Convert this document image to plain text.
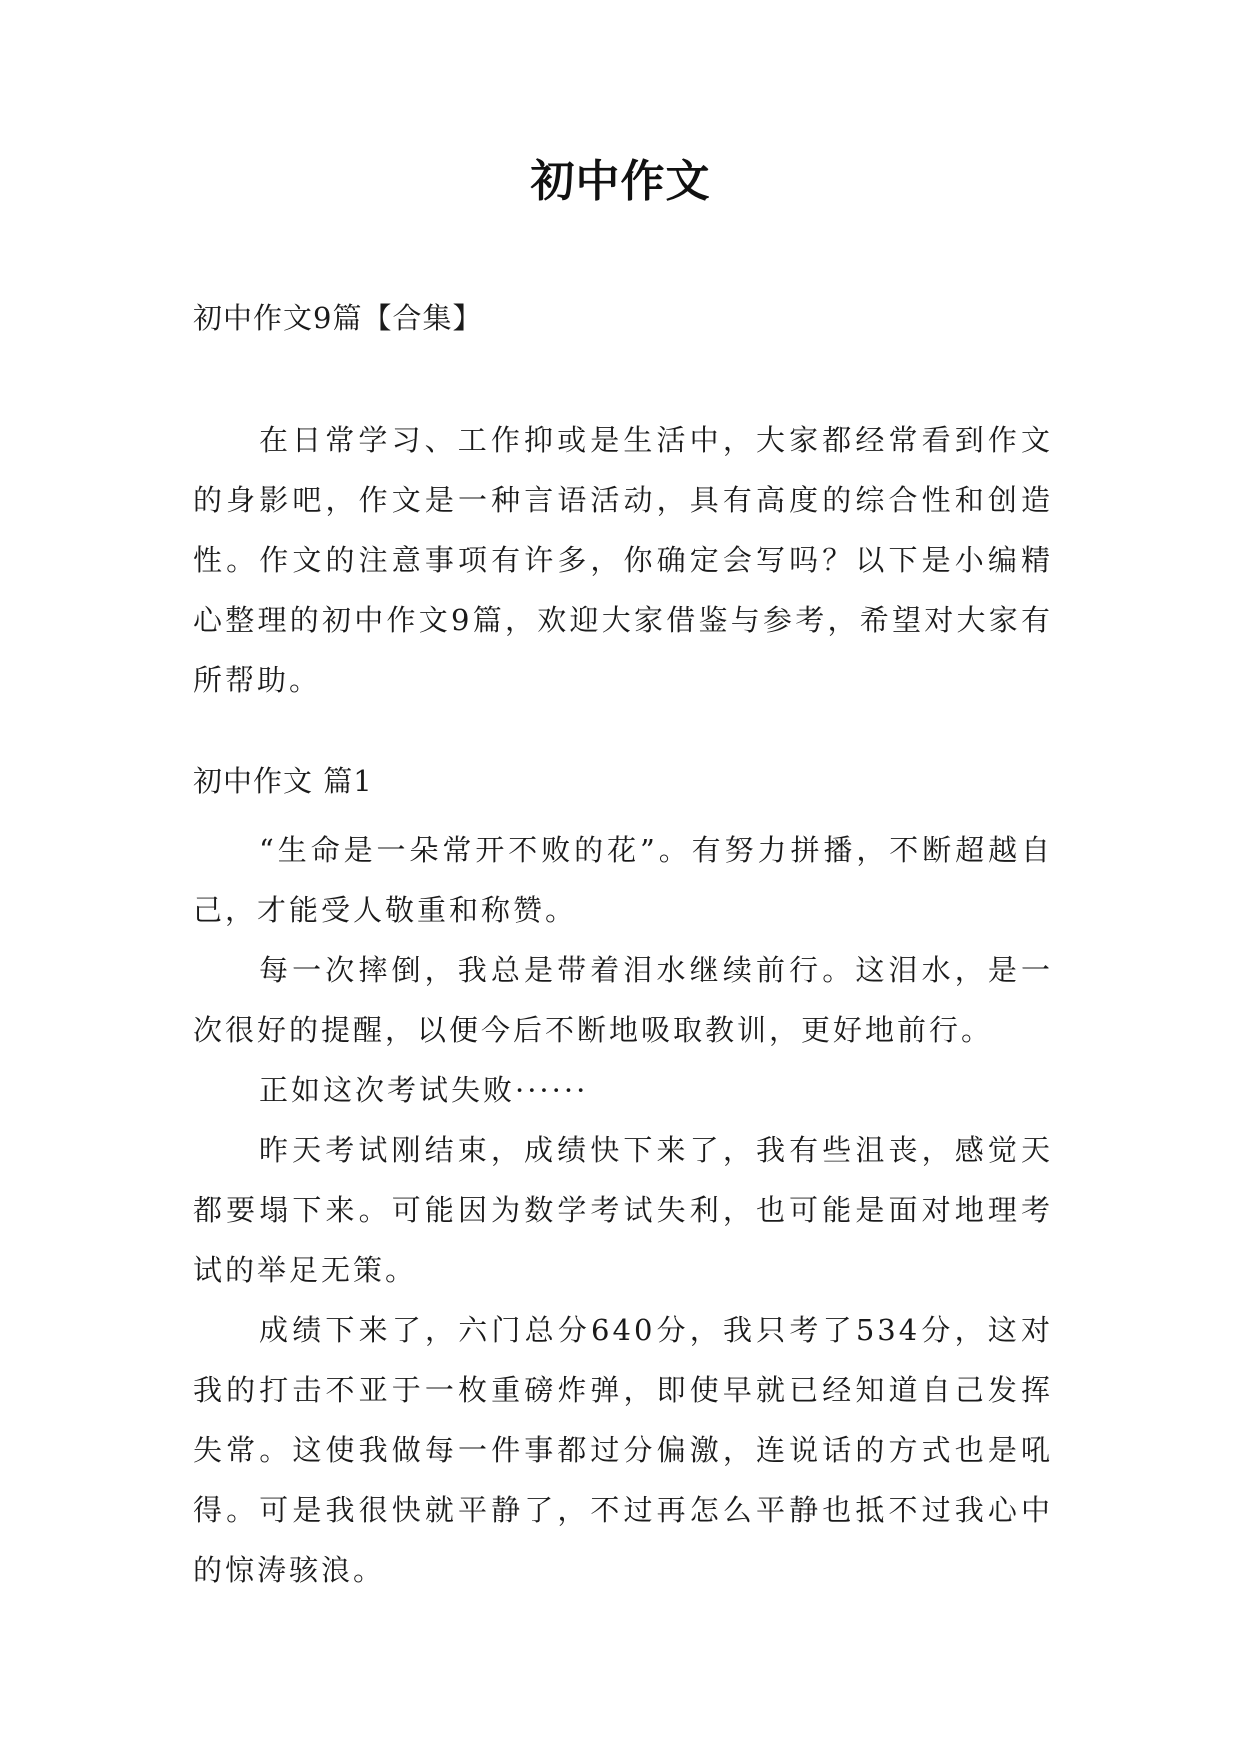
初中作文
初中作文9篇【合集】

在日常学习、工作抑或是生活中，大家都经常看到作文的身影吧，作文是一种言语活动，具有高度的综合性和创造性。作文的注意事项有许多，你确定会写吗？以下是小编精心整理的初中作文9篇，欢迎大家借鉴与参考，希望对大家有所帮助。

初中作文 篇1

“生命是一朵常开不败的花”。有努力拼播，不断超越自己，才能受人敬重和称赞。

每一次摔倒，我总是带着泪水继续前行。这泪水，是一次很好的提醒，以便今后不断地吸取教训，更好地前行。

正如这次考试失败······

昨天考试刚结束，成绩快下来了，我有些沮丧，感觉天都要塌下来。可能因为数学考试失利，也可能是面对地理考试的举足无策。

成绩下来了，六门总分640分，我只考了534分，这对我的打击不亚于一枚重磅炸弹，即使早就已经知道自己发挥失常。这使我做每一件事都过分偏激，连说话的方式也是吼得。可是我很快就平静了，不过再怎么平静也抵不过我心中的惊涛骇浪。
